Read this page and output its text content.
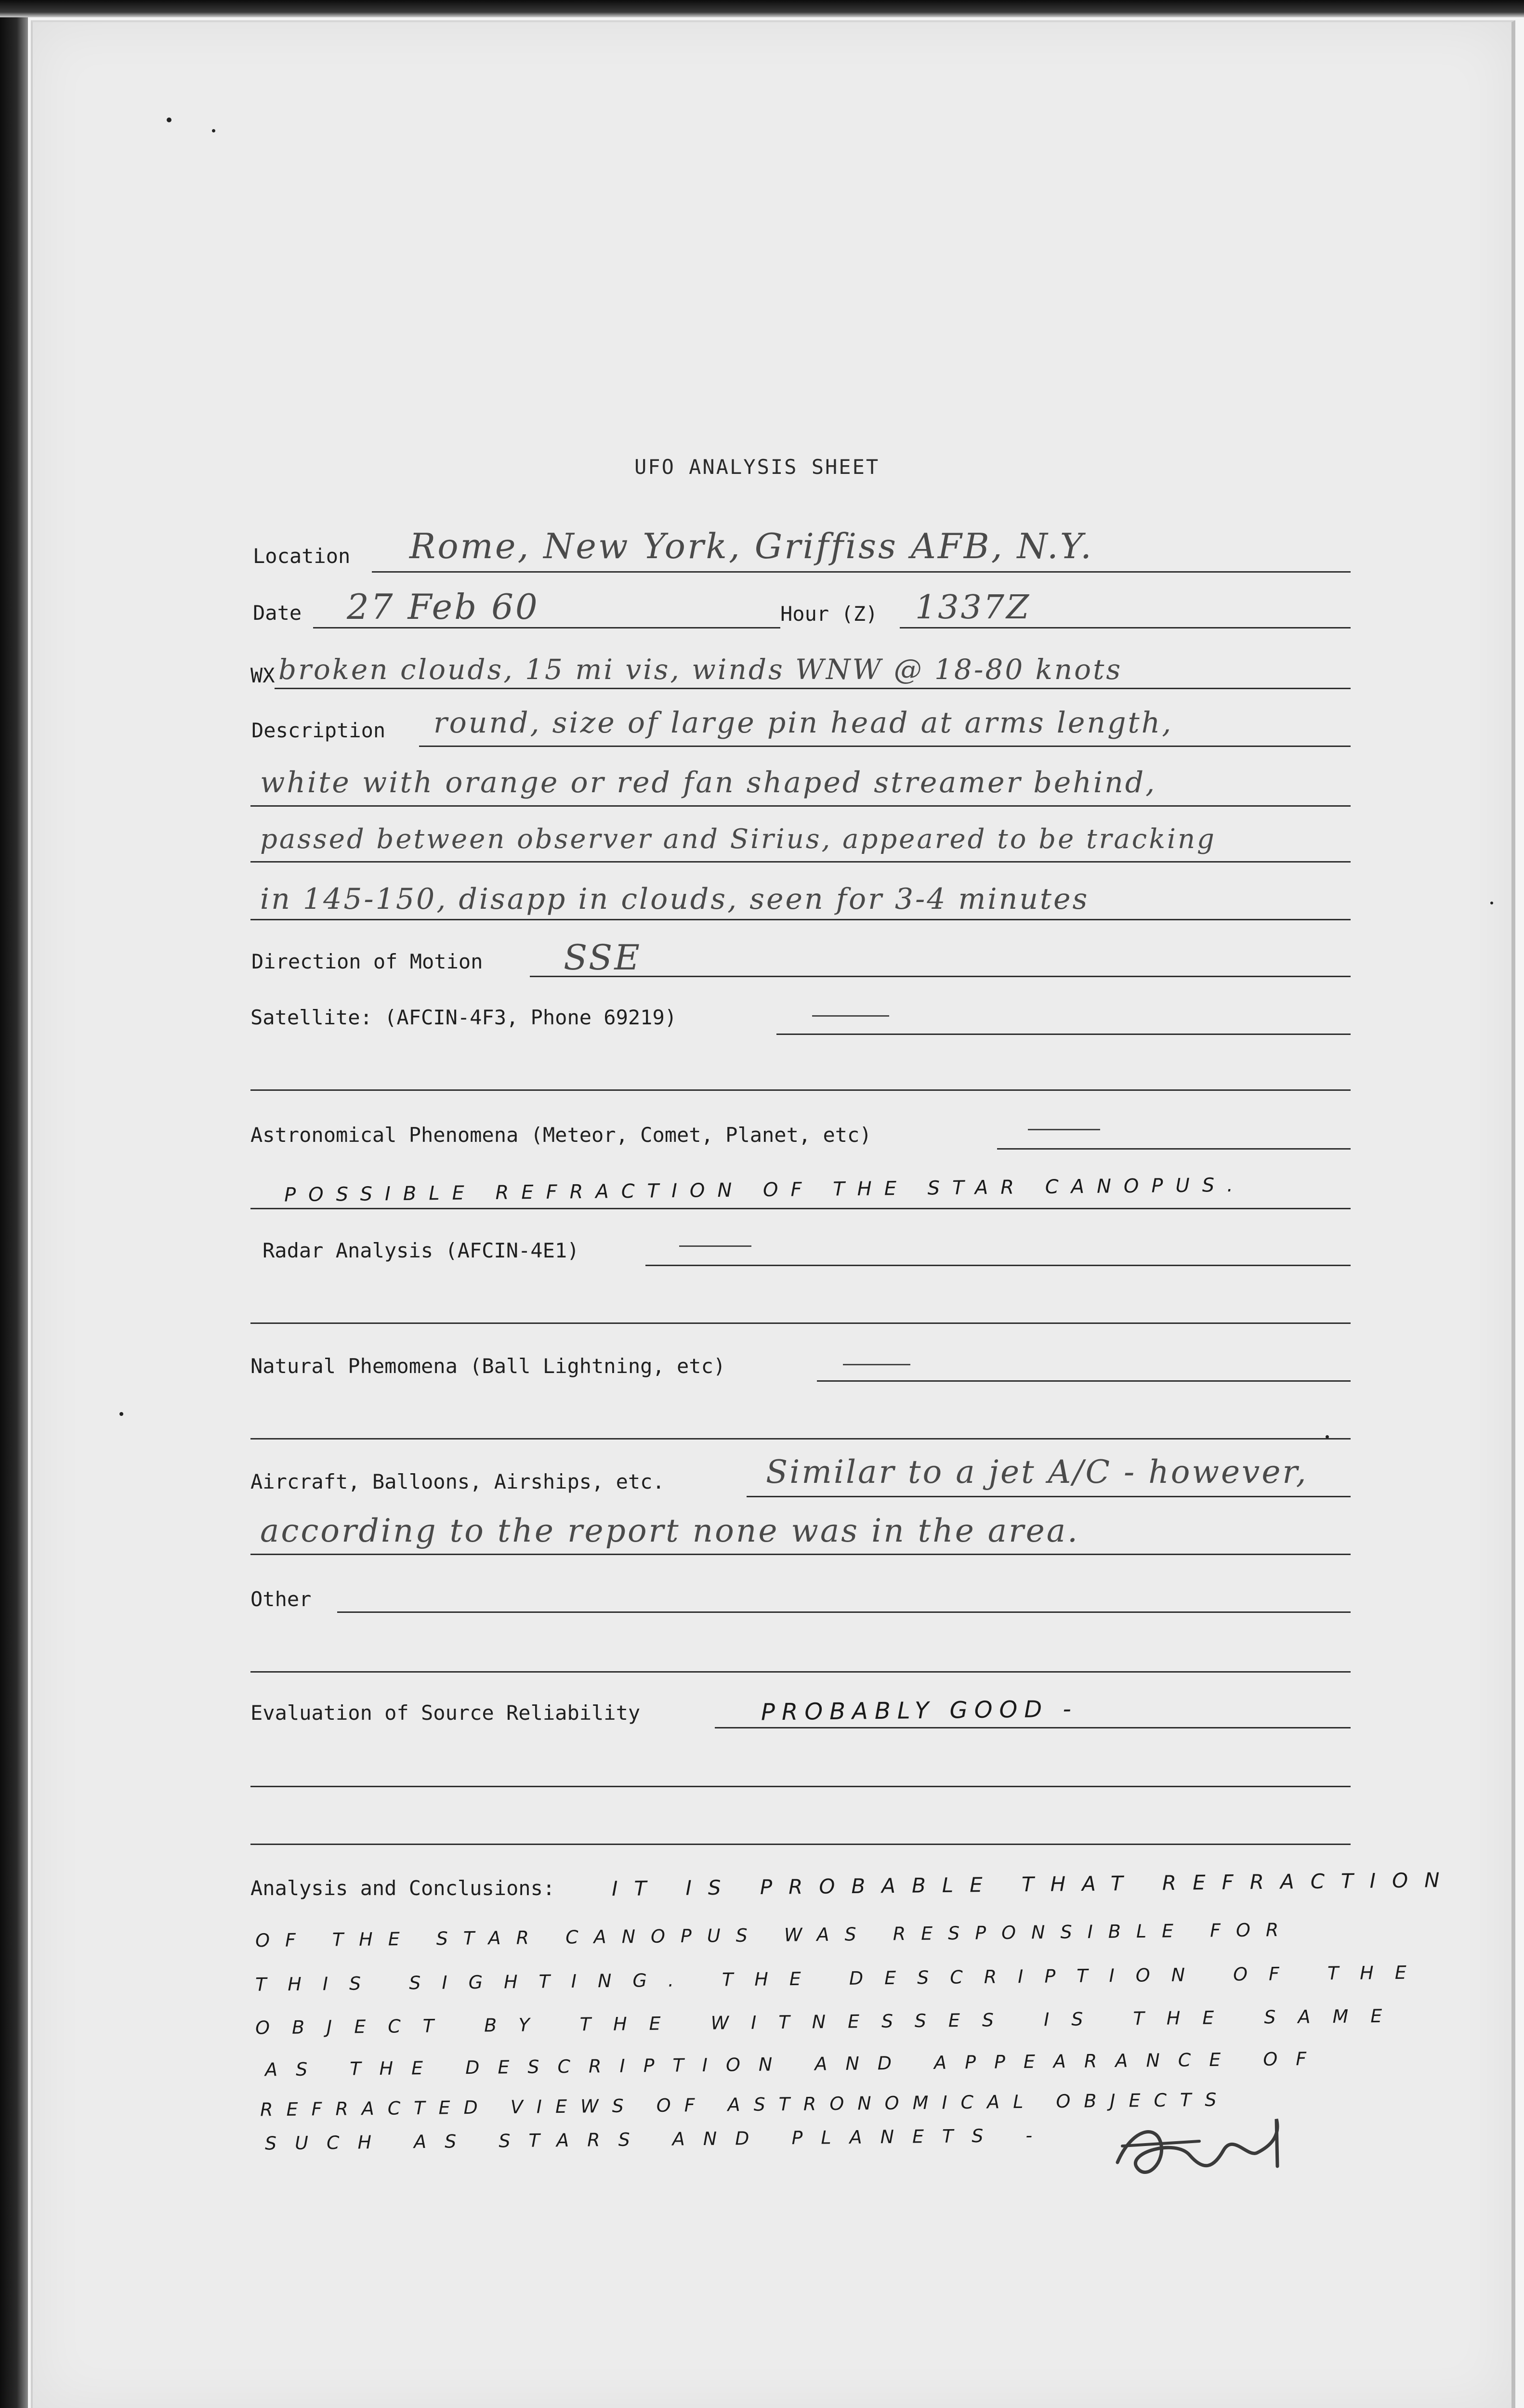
UFO ANALYSIS SHEET
Location Rome, New York, Griffiss AFB, N.Y.
Date 27 Feb 60	Hour (Z) 1337Z
WX broken clouds, 15 mi vis, winds WNW @ 18-80 knots
Description round, size of large pin head at arms length,
white with orange or red fan shaped streamer behind,
passed between observer and Sirius, appeared to be tracking
in 145-150, disapp in clouds, seen for 3-4 minutes
Direction of Motion SSE
Satellite: (AFCIN-4F3, Phone 69219)
Astronomical Phenomena (Meteor, Comet, Planet, etc)
POSSIBLE REFRACTION OF THE STAR CANOPUS.
Radar Analysis (AFCIN-4E1)
Natural Phemomena (Ball Lightning, etc)
Aircraft, Balloons, Airships, etc.	Similar to a jet A/C - however,
according to the report none was in the area.
Other
Evaluation of Source Reliability	PROBABLY GOOD -
Analysis and Conclusions:	IT IS PROBABLE THAT REFRACTION
OF THE STAR CANOPUS WAS RESPONSIBLE FOR
THIS SIGHTING. THE DESCRIPTION OF THE
OBJECT BY THE WITNESSES IS THE SAME
AS THE DESCRIPTION AND APPEARANCE OF
REFRACTED VIEWS OF ASTRONOMICAL OBJECTS
SUCH AS STARS AND PLANETS -
